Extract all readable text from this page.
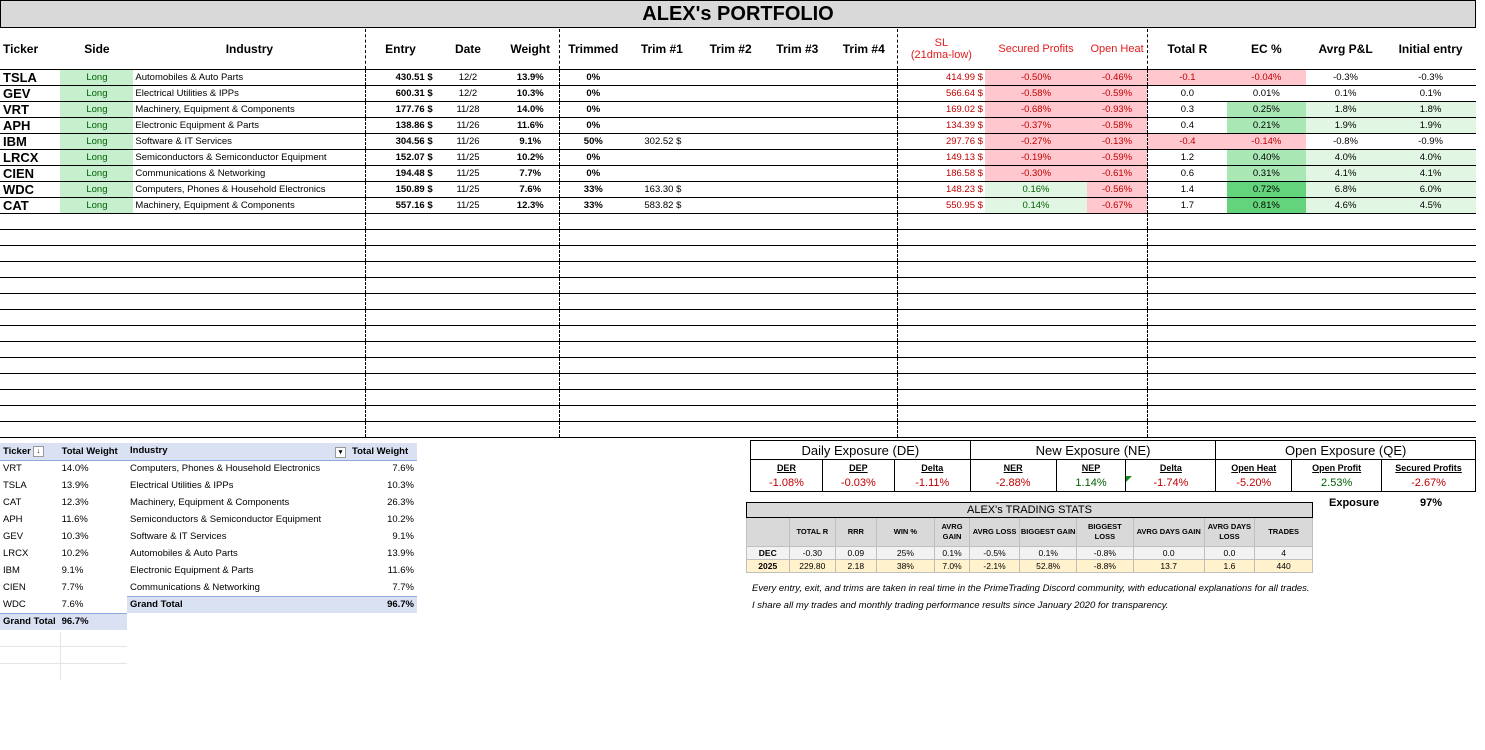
ALEX's PORTFOLIO
Ticker	Side	Industry	Entry	Date	Weight	Trimmed	Trim #1	Trim #2	Trim #3	Trim #4	SL
(21dma-low)	Secured Profits	Open Heat	Total R	EC %	Avrg P&L	Initial entry
TSLA	Long	Automobiles & Auto Parts	430.51 $	12/2	13.9%	0%					414.99 $	-0.50%	-0.46%	-0.1	-0.04%	-0.3%	-0.3%
GEV	Long	Electrical Utilities & IPPs	600.31 $	12/2	10.3%	0%					566.64 $	-0.58%	-0.59%	0.0	0.01%	0.1%	0.1%
VRT	Long	Machinery, Equipment & Components	177.76 $	11/28	14.0%	0%					169.02 $	-0.68%	-0.93%	0.3	0.25%	1.8%	1.8%
APH	Long	Electronic Equipment & Parts	138.86 $	11/26	11.6%	0%					134.39 $	-0.37%	-0.58%	0.4	0.21%	1.9%	1.9%
IBM	Long	Software & IT Services	304.56 $	11/26	9.1%	50%	302.52 $				297.76 $	-0.27%	-0.13%	-0.4	-0.14%	-0.8%	-0.9%
LRCX	Long	Semiconductors & Semiconductor Equipment	152.07 $	11/25	10.2%	0%					149.13 $	-0.19%	-0.59%	1.2	0.40%	4.0%	4.0%
CIEN	Long	Communications & Networking	194.48 $	11/25	7.7%	0%					186.58 $	-0.30%	-0.61%	0.6	0.31%	4.1%	4.1%
WDC	Long	Computers, Phones & Household Electronics	150.89 $	11/25	7.6%	33%	163.30 $				148.23 $	0.16%	-0.56%	1.4	0.72%	6.8%	6.0%
CAT	Long	Machinery, Equipment & Components	557.16 $	11/25	12.3%	33%	583.82 $				550.95 $	0.14%	-0.67%	1.7	0.81%	4.6%	4.5%

Ticker ↓	Total Weight
VRT	14.0%
TSLA	13.9%
CAT	12.3%
APH	11.6%
GEV	10.3%
LRCX	10.2%
IBM	9.1%
CIEN	7.7%
WDC	7.6%
Grand Total	96.7%
Industry ▾	Total Weight
Computers, Phones & Household Electronics	7.6%
Electrical Utilities & IPPs	10.3%
Machinery, Equipment & Components	26.3%
Semiconductors & Semiconductor Equipment	10.2%
Software & IT Services	9.1%
Automobiles & Auto Parts	13.9%
Electronic Equipment & Parts	11.6%
Communications & Networking	7.7%
Grand Total	96.7%
Daily Exposure (DE)			New Exposure (NE)			Open Exposure (QE)		
DER	DEP	Delta	NER	NEP	Delta	Open Heat	Open Profit	Secured Profits
-1.08%	-0.03%	-1.11%	-2.88%	1.14%	-1.74%	-5.20%	2.53%	-2.67%
Exposure	97%
ALEX's TRADING STATS										
	TOTAL R	RRR	WIN %	AVRG GAIN	AVRG LOSS	BIGGEST GAIN	BIGGEST LOSS	AVRG DAYS GAIN	AVRG DAYS LOSS	TRADES
DEC	-0.30	0.09	25%	0.1%	-0.5%	0.1%	-0.8%	0.0	0.0	4
2025	229.80	2.18	38%	7.0%	-2.1%	52.8%	-8.8%	13.7	1.6	440
Every entry, exit, and trims are taken in real time in the PrimeTrading Discord community, with educational explanations for all trades.
I share all my trades and monthly trading performance results since January 2020 for transparency.
